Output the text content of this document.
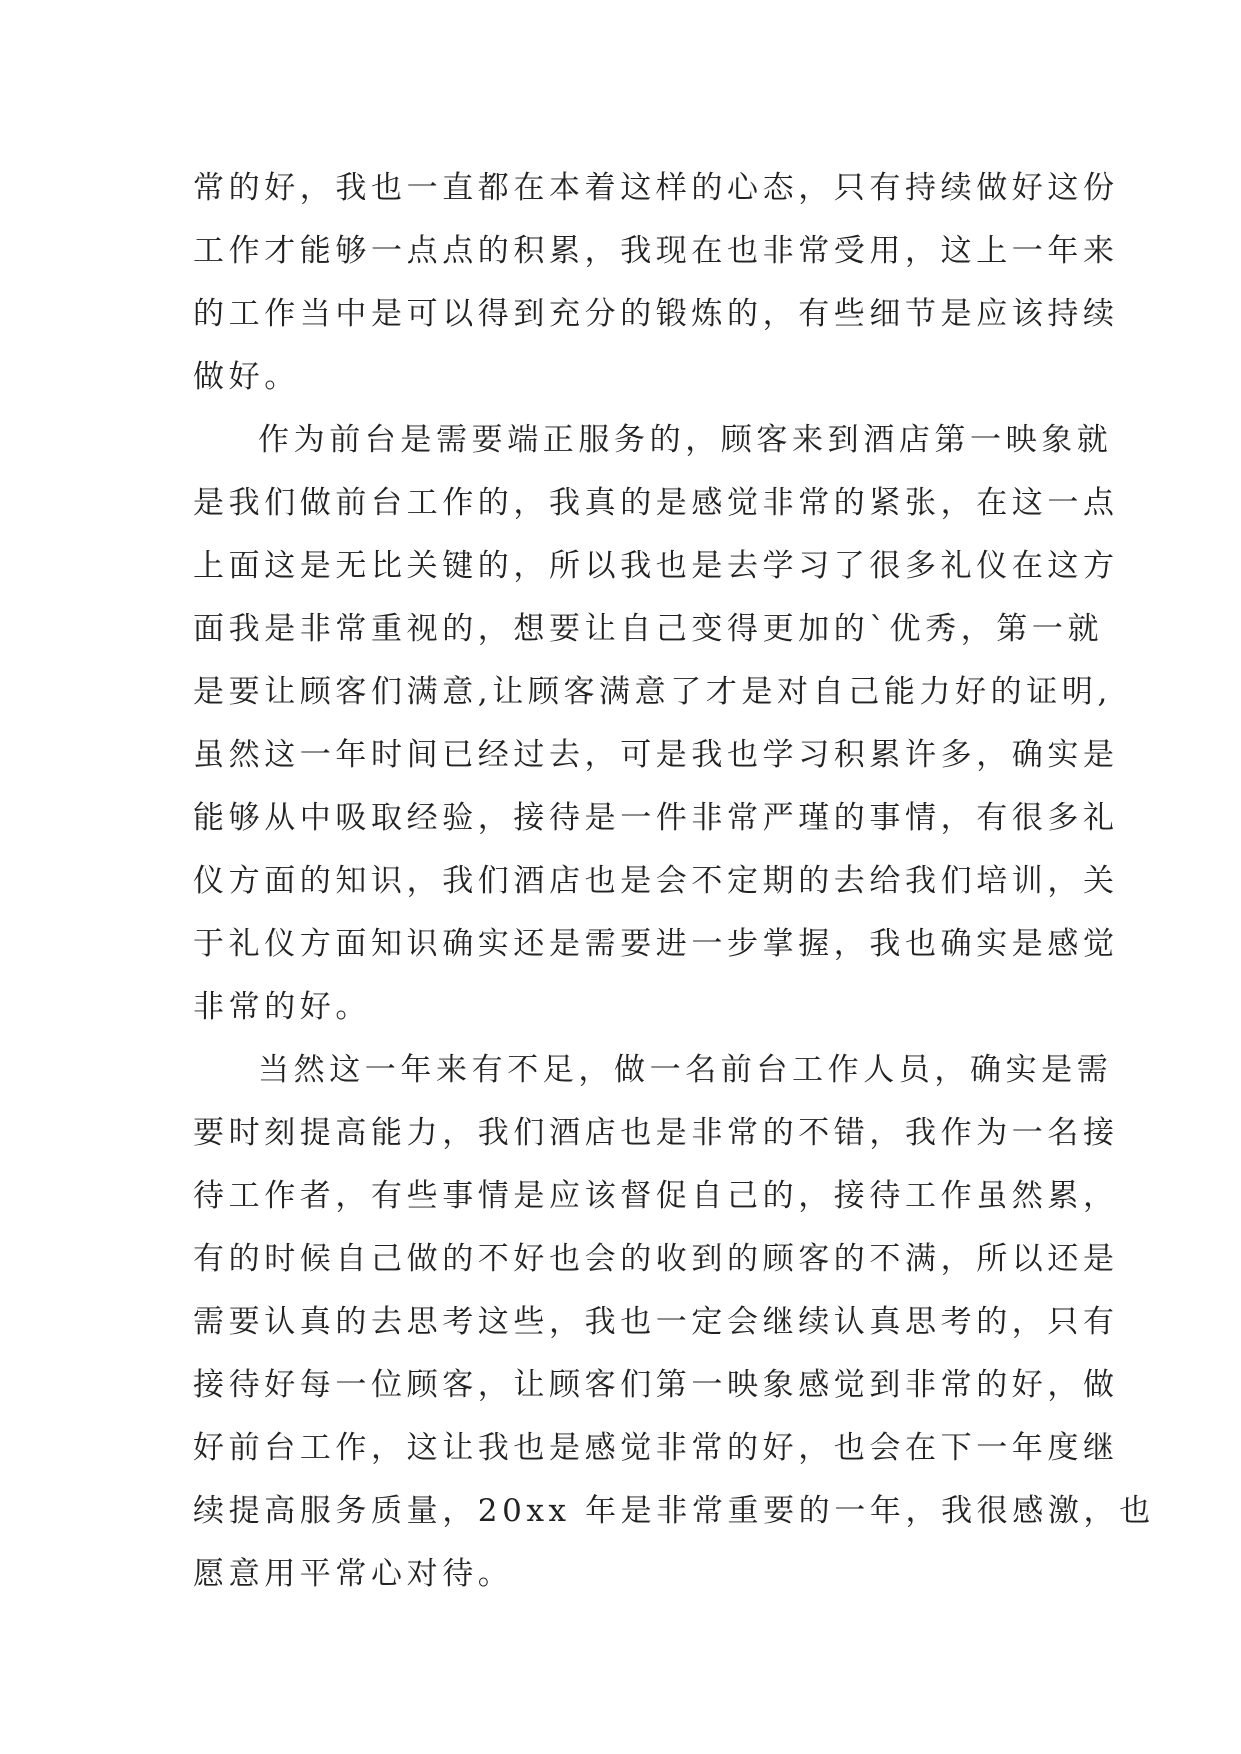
常的好，我也一直都在本着这样的心态，只有持续做好这份
工作才能够一点点的积累，我现在也非常受用，这上一年来
的工作当中是可以得到充分的锻炼的，有些细节是应该持续
做好。
作为前台是需要端正服务的，顾客来到酒店第一映象就
是我们做前台工作的，我真的是感觉非常的紧张，在这一点
上面这是无比关键的，所以我也是去学习了很多礼仪在这方
面我是非常重视的，想要让自己变得更加的`优秀，第一就
是要让顾客们满意,让顾客满意了才是对自己能力好的证明,
虽然这一年时间已经过去，可是我也学习积累许多，确实是
能够从中吸取经验，接待是一件非常严瑾的事情，有很多礼
仪方面的知识，我们酒店也是会不定期的去给我们培训，关
于礼仪方面知识确实还是需要进一步掌握，我也确实是感觉
非常的好。
当然这一年来有不足，做一名前台工作人员，确实是需
要时刻提高能力，我们酒店也是非常的不错，我作为一名接
待工作者，有些事情是应该督促自己的，接待工作虽然累，
有的时候自己做的不好也会的收到的顾客的不满，所以还是
需要认真的去思考这些，我也一定会继续认真思考的，只有
接待好每一位顾客，让顾客们第一映象感觉到非常的好，做
好前台工作，这让我也是感觉非常的好，也会在下一年度继
续提高服务质量，20xx 年是非常重要的一年，我很感激，也
愿意用平常心对待。
